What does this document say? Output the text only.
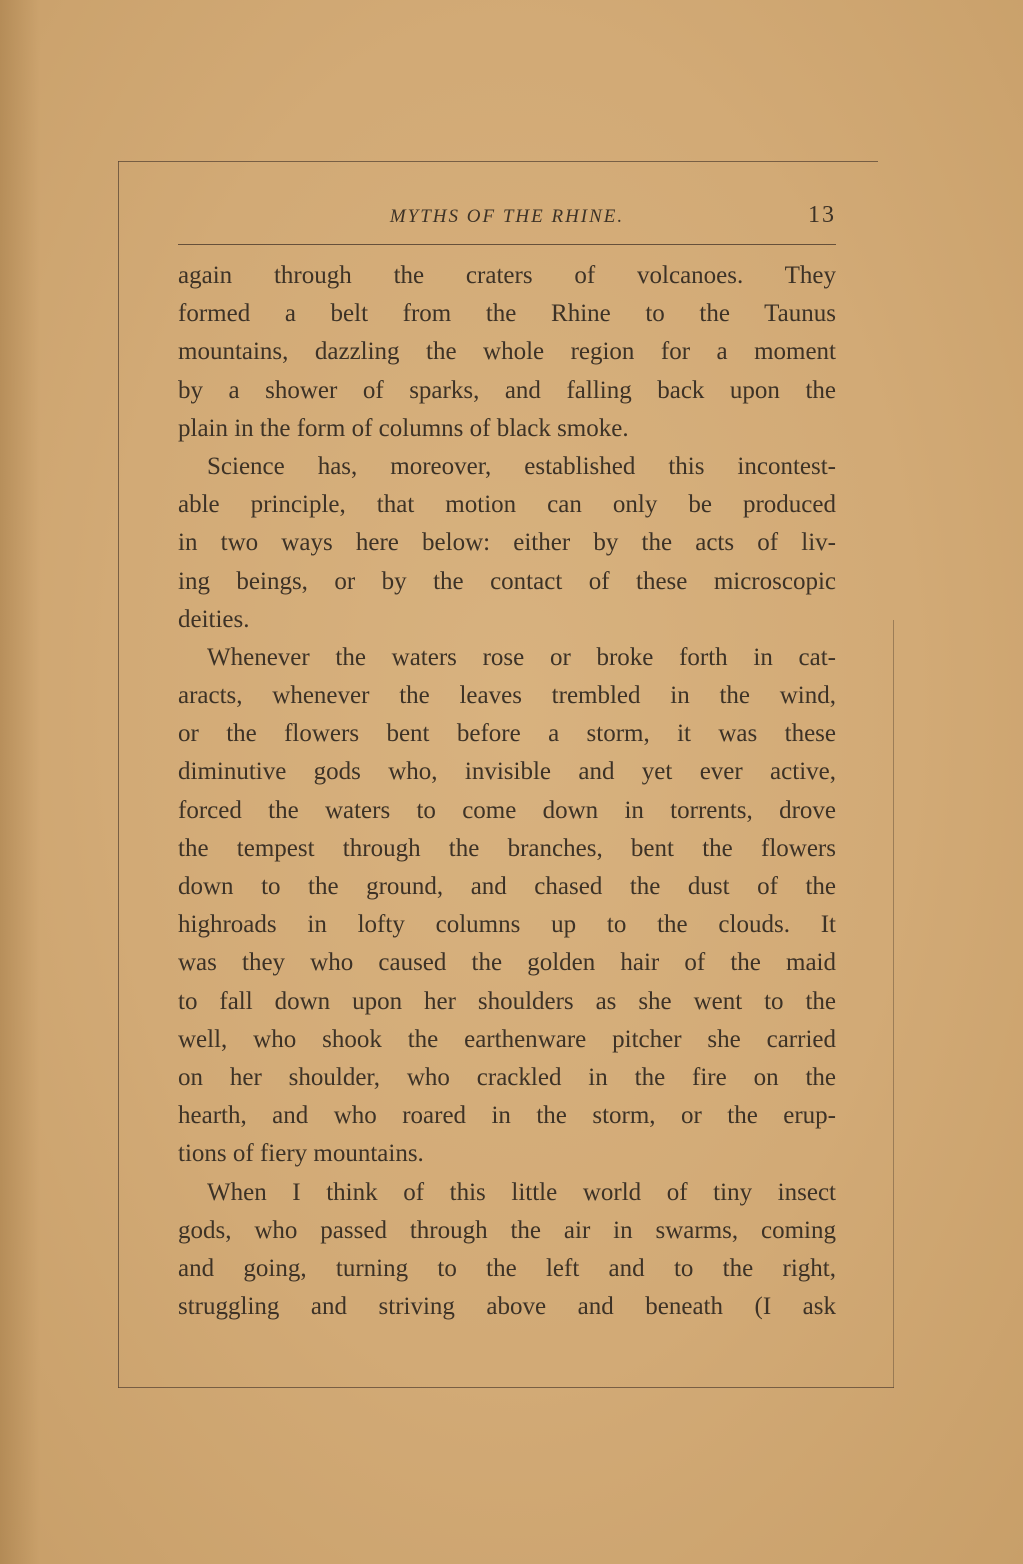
MYTHS OF THE RHINE.	13
again through the craters of volcanoes. They
formed a belt from the Rhine to the Taunus
mountains, dazzling the whole region for a moment
by a shower of sparks, and falling back upon the
plain in the form of columns of black smoke.
Science has, moreover, established this incontest-
able principle, that motion can only be produced
in two ways here below: either by the acts of liv-
ing beings, or by the contact of these microscopic
deities.
Whenever the waters rose or broke forth in cat-
aracts, whenever the leaves trembled in the wind,
or the flowers bent before a storm, it was these
diminutive gods who, invisible and yet ever active,
forced the waters to come down in torrents, drove
the tempest through the branches, bent the flowers
down to the ground, and chased the dust of the
highroads in lofty columns up to the clouds. It
was they who caused the golden hair of the maid
to fall down upon her shoulders as she went to the
well, who shook the earthenware pitcher she carried
on her shoulder, who crackled in the fire on the
hearth, and who roared in the storm, or the erup-
tions of fiery mountains.
When I think of this little world of tiny insect
gods, who passed through the air in swarms, coming
and going, turning to the left and to the right,
struggling and striving above and beneath (I ask
